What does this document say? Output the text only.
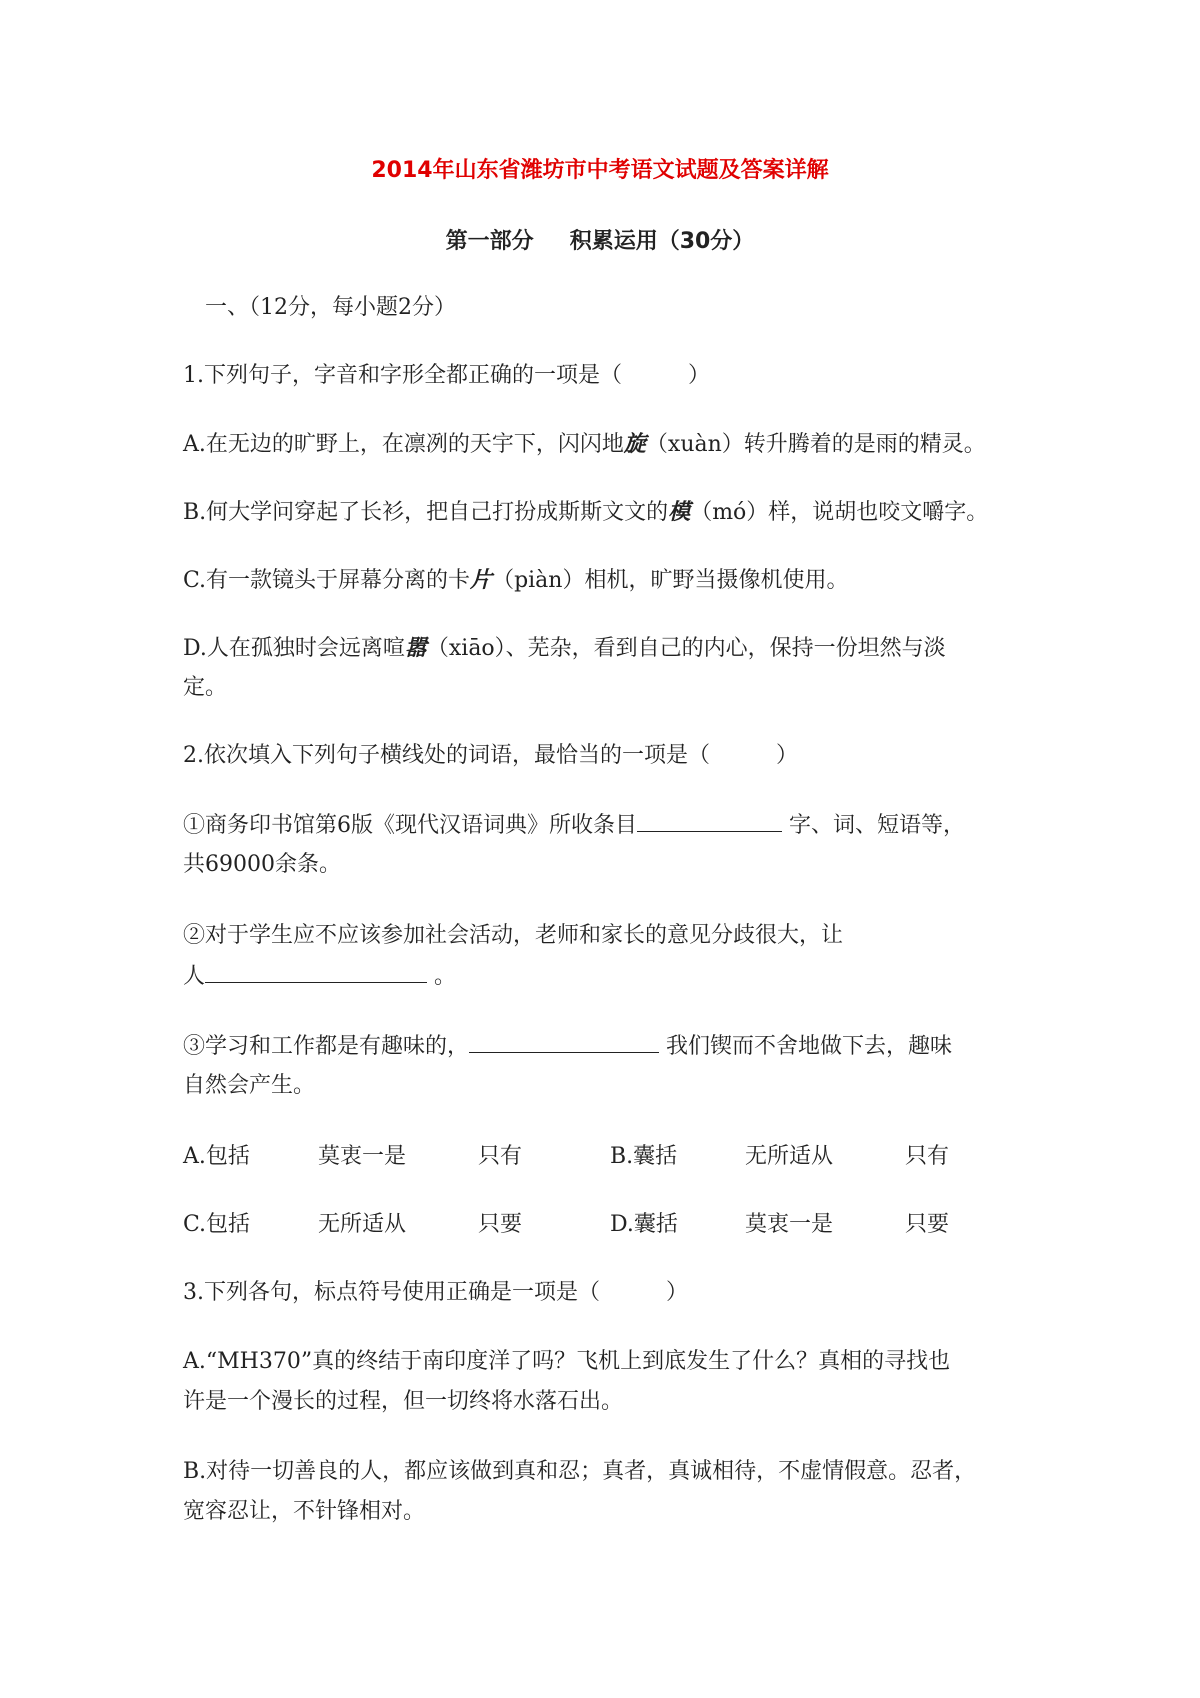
2014年山东省潍坊市中考语文试题及答案详解
第一部分 积累运用（30分）
一、（12分，每小题2分）
1.下列句子，字音和字形全都正确的一项是（　　　）
A.在无边的旷野上，在凛冽的天宇下，闪闪地旋（xuàn）转升腾着的是雨的精灵。
B.何大学问穿起了长衫，把自己打扮成斯斯文文的模（mó）样，说胡也咬文嚼字。
C.有一款镜头于屏幕分离的卡片（piàn）相机，旷野当摄像机使用。
D.人在孤独时会远离喧嚣（xiāo）、芜杂，看到自己的内心，保持一份坦然与淡
定。
2.依次填入下列句子横线处的词语，最恰当的一项是（　　　）
①商务印书馆第6版《现代汉语词典》所收条目	字、词、短语等，
共69000余条。
②对于学生应不应该参加社会活动，老师和家长的意见分歧很大，让
人	。
③学习和工作都是有趣味的，	我们锲而不舍地做下去，趣味
自然会产生。
A.包括	莫衷一是	只有	B.囊括	无所适从	只有
C.包括	无所适从	只要	D.囊括	莫衷一是	只要
3.下列各句，标点符号使用正确是一项是（　　　）
A.“MH370”真的终结于南印度洋了吗？飞机上到底发生了什么？真相的寻找也
许是一个漫长的过程，但一切终将水落石出。
B.对待一切善良的人，都应该做到真和忍；真者，真诚相待，不虚情假意。忍者，
宽容忍让，不针锋相对。
